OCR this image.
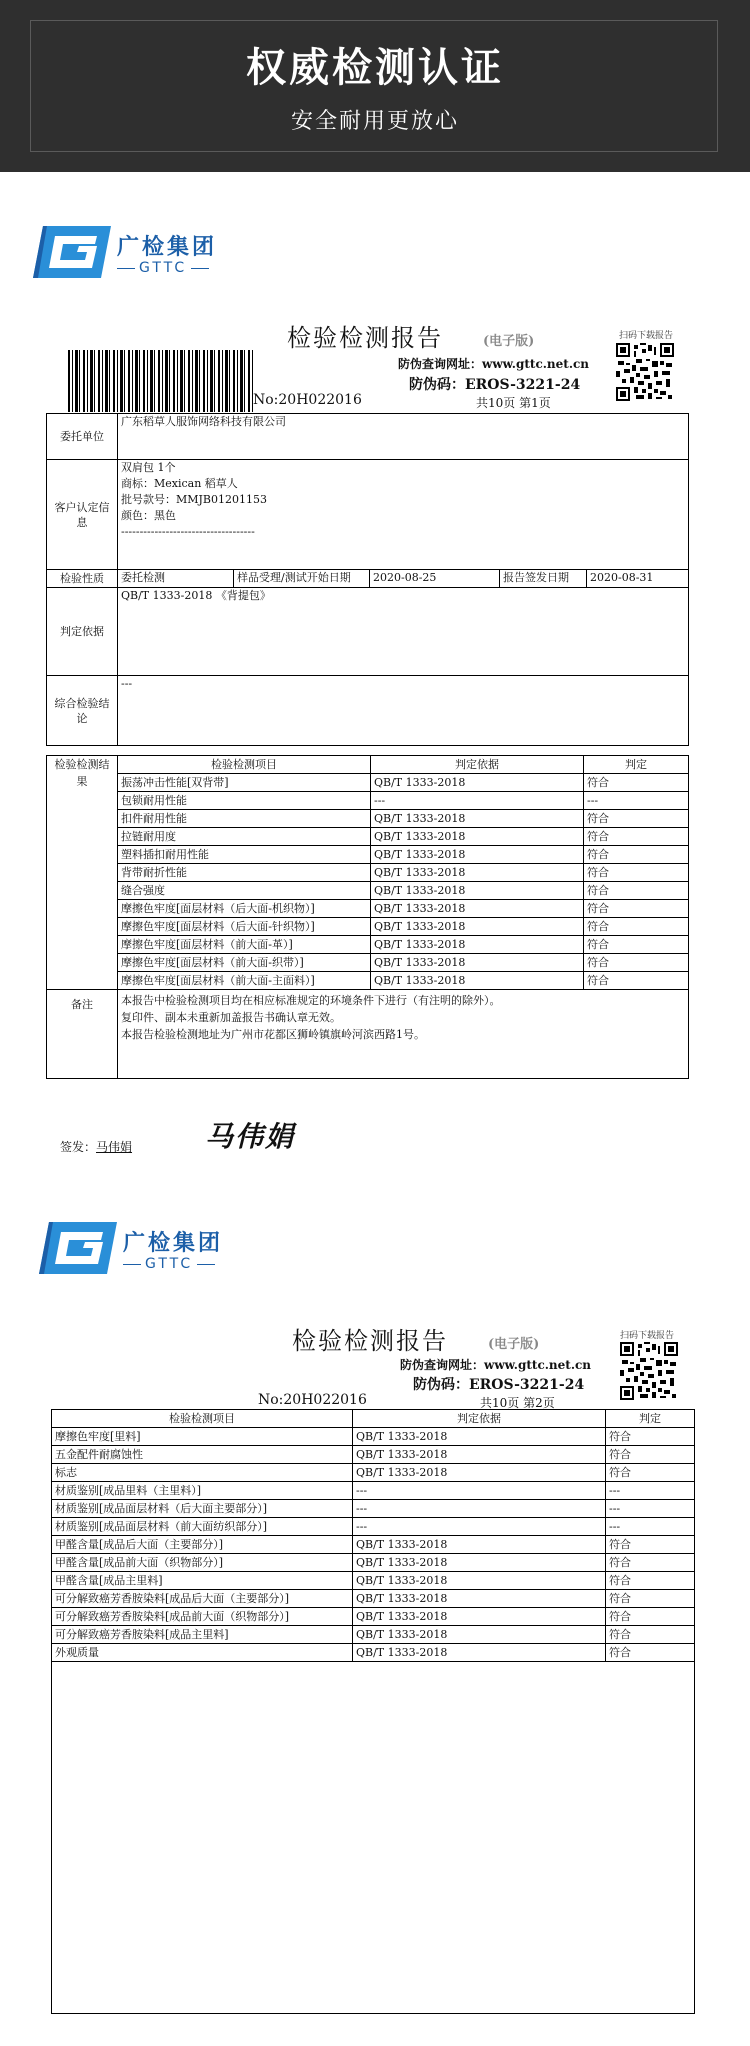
权威检测认证
安全耐用更放心
广检集团
GTTC
检验检测报告	(电子版)	扫码下载报告
防伪查询网址：www.gttc.net.cn
防伪码：EROS-3221-24
共10页 第1页
No:20H022016
委托单位	广东稻草人服饰网络科技有限公司				
客户认定信息	双肩包 1个
商标：Mexican 稻草人
批号款号：MMJB01201153
颜色：黑色
------------------------------------				

检验性质	委托检测	样品受理/测试开始日期	2020-08-25	报告签发日期	2020-08-31
判定依据	QB/T 1333-2018 《背提包》				
综合检验结论	---				
检验检测结果	检验检测项目	判定依据	判定
	振荡冲击性能[双背带]	QB/T 1333-2018	符合
	包锁耐用性能	---	---
	扣件耐用性能	QB/T 1333-2018	符合
	拉链耐用度	QB/T 1333-2018	符合
	塑料插扣耐用性能	QB/T 1333-2018	符合
	背带耐折性能	QB/T 1333-2018	符合
	缝合强度	QB/T 1333-2018	符合
	摩擦色牢度[面层材料（后大面-机织物）]	QB/T 1333-2018	符合
	摩擦色牢度[面层材料（后大面-针织物）]	QB/T 1333-2018	符合
	摩擦色牢度[面层材料（前大面-革）]	QB/T 1333-2018	符合
	摩擦色牢度[面层材料（前大面-织带）]	QB/T 1333-2018	符合
	摩擦色牢度[面层材料（前大面-主面料）]	QB/T 1333-2018	符合
备注	本报告中检验检测项目均在相应标准规定的环境条件下进行（有注明的除外）。
复印件、副本未重新加盖报告书确认章无效。
本报告检验检测地址为广州市花都区狮岭镇旗岭河滨西路1号。		
签发：马伟娟	马伟娟
广检集团
GTTC
检验检测报告	(电子版)
扫码下载报告
防伪查询网址：www.gttc.net.cn
防伪码：EROS-3221-24
共10页 第2页
No:20H022016
检验检测项目	判定依据	判定
摩擦色牢度[里料]	QB/T 1333-2018	符合
五金配件耐腐蚀性	QB/T 1333-2018	符合
标志	QB/T 1333-2018	符合
材质鉴别[成品里料（主里料）]	---	---
材质鉴别[成品面层材料（后大面主要部分）]	---	---
材质鉴别[成品面层材料（前大面纺织部分）]	---	---
甲醛含量[成品后大面（主要部分）]	QB/T 1333-2018	符合
甲醛含量[成品前大面（织物部分）]	QB/T 1333-2018	符合
甲醛含量[成品主里料]	QB/T 1333-2018	符合
可分解致癌芳香胺染料[成品后大面（主要部分）]	QB/T 1333-2018	符合
可分解致癌芳香胺染料[成品前大面（织物部分）]	QB/T 1333-2018	符合
可分解致癌芳香胺染料[成品主里料]	QB/T 1333-2018	符合
外观质量	QB/T 1333-2018	符合
